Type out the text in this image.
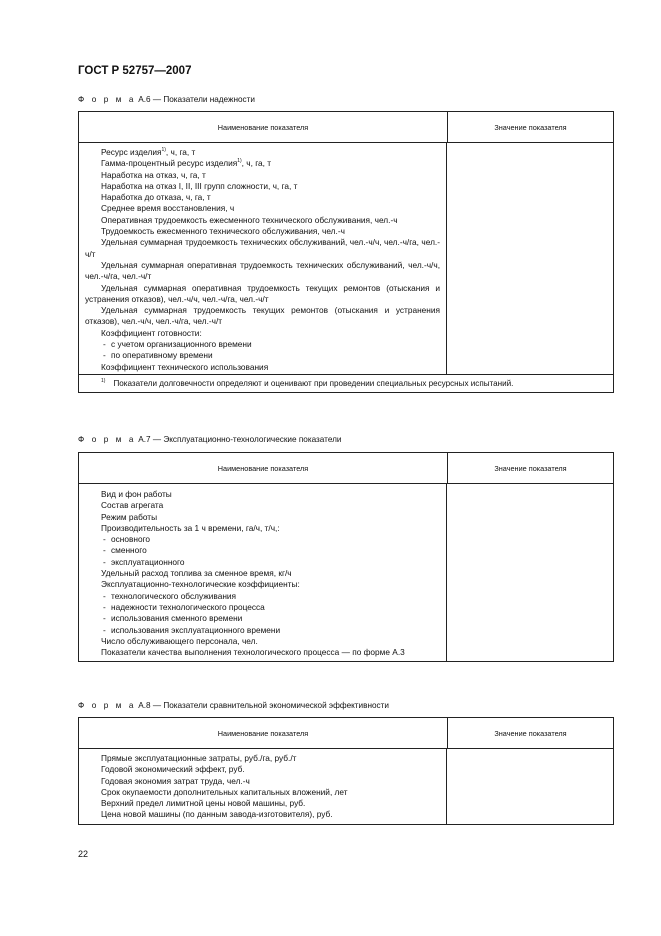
ГОСТ Р 52757—2007
Ф о р м а А.6 — Показатели надежности
Наименование показателя	Значение показателя
Ресурс изделия$^{1)}$, ч, га, т
Гамма-процентный ресурс изделия$^{1)}$, ч, га, т
Наработка на отказ, ч, га, т
Наработка на отказ I, II, III групп сложности, ч, га, т
Наработка до отказа, ч, га, т
Среднее время восстановления, ч
Оперативная трудоемкость ежесменного технического обслуживания, чел.-ч
Трудоемкость ежесменного технического обслуживания, чел.-ч
Удельная суммарная трудоемкость технических обслуживаний, чел.-ч/ч, чел.-ч/га, чел.-ч/т
Удельная суммарная оперативная трудоемкость технических обслуживаний, чел.-ч/ч, чел.-ч/га, чел.-ч/т
Удельная суммарная оперативная трудоемкость текущих ремонтов (отыскания и устранения отказов), чел.-ч/ч, чел.-ч/га, чел.-ч/т
Удельная суммарная трудоемкость текущих ремонтов (отыскания и устранения отказов), чел.-ч/ч, чел.-ч/га, чел.-ч/т
Коэффициент готовности:
- с учетом организационного времени
- по оперативному времени
Коэффициент технического использования
$^{1)}$ Показатели долговечности определяют и оценивают при проведении специальных ресурсных испытаний.
Ф о р м а А.7 — Эксплуатационно-технологические показатели
Наименование показателя	Значение показателя
Вид и фон работы
Состав агрегата
Режим работы
Производительность за 1 ч времени, га/ч, т/ч,:
- основного
- сменного
- эксплуатационного
Удельный расход топлива за сменное время, кг/ч
Эксплуатационно-технологические коэффициенты:
- технологического обслуживания
- надежности технологического процесса
- использования сменного времени
- использования эксплуатационного времени
Число обслуживающего персонала, чел.
Показатели качества выполнения технологического процесса — по форме А.3
Ф о р м а А.8 — Показатели сравнительной экономической эффективности
Наименование показателя	Значение показателя
Прямые эксплуатационные затраты, руб./га, руб./т
Годовой экономический эффект, руб.
Годовая экономия затрат труда, чел.-ч
Срок окупаемости дополнительных капитальных вложений, лет
Верхний предел лимитной цены новой машины, руб.
Цена новой машины (по данным завода-изготовителя), руб.
22
